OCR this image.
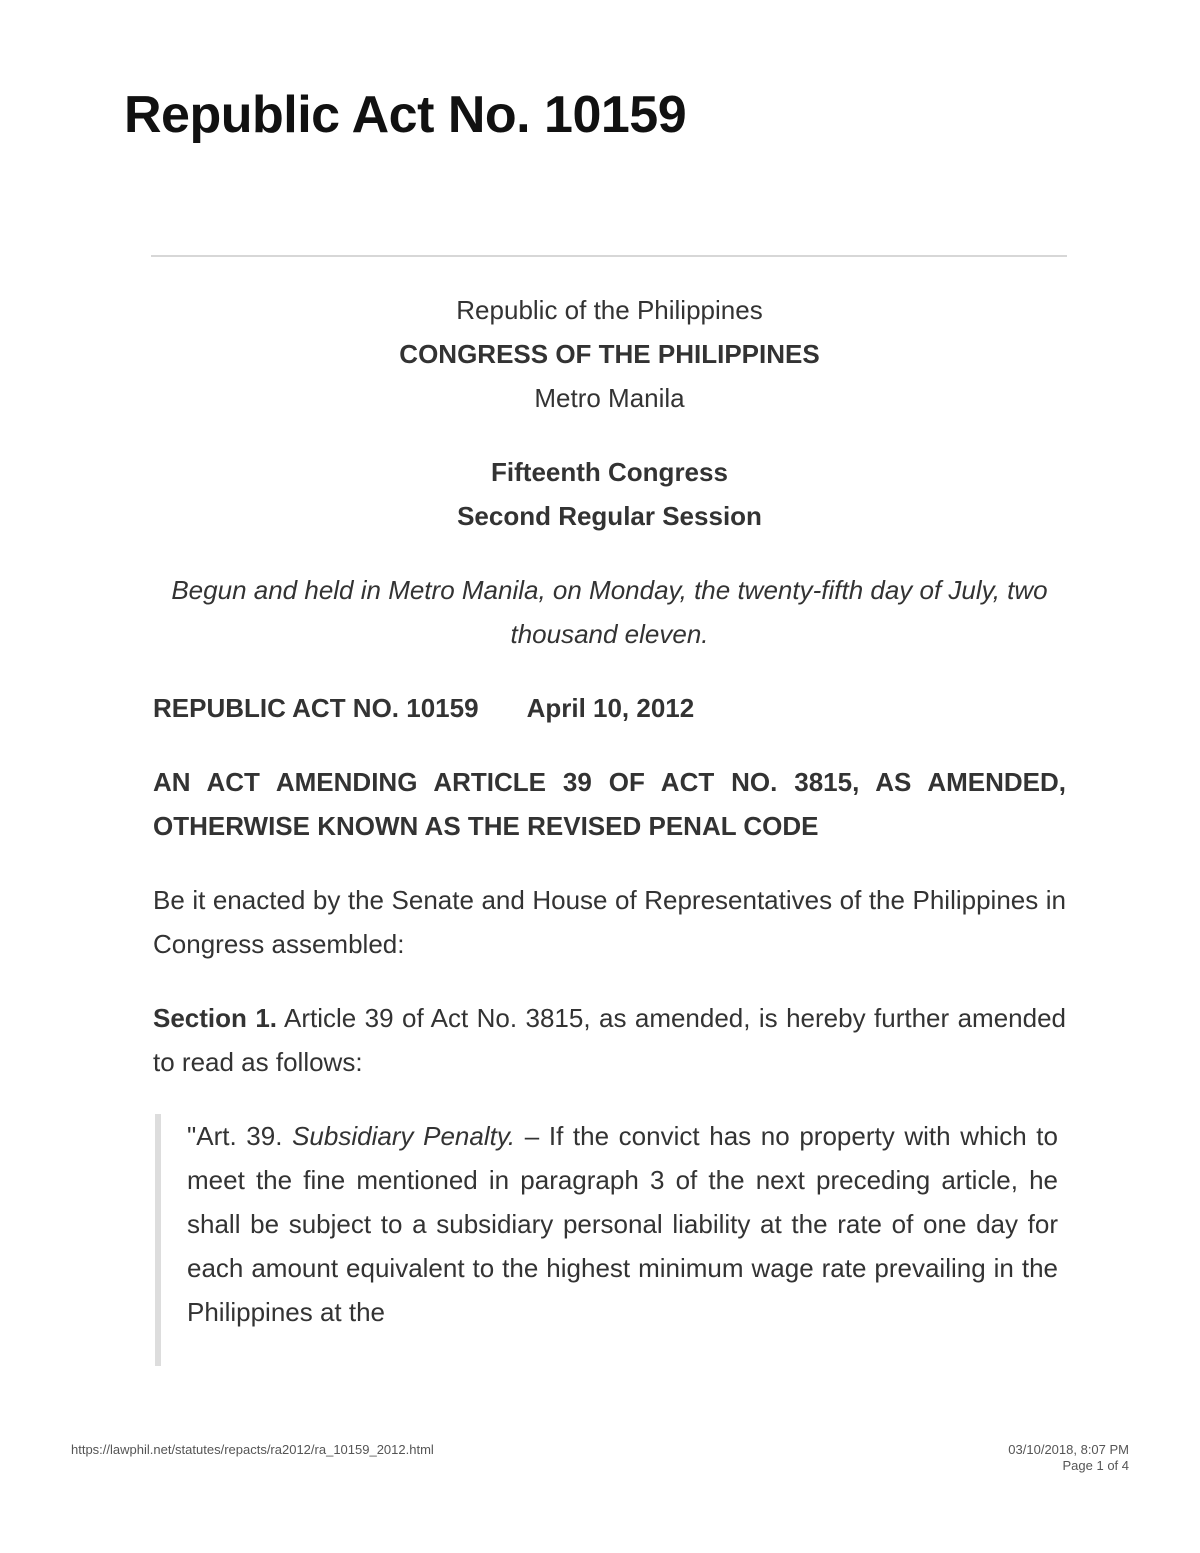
Republic Act No. 10159

Republic of the Philippines

CONGRESS OF THE PHILIPPINES

Metro Manila

Fifteenth Congress

Second Regular Session

Begun and held in Metro Manila, on Monday, the twenty-fifth day of July, two thousand eleven.

REPUBLIC ACT NO. 10159 April 10, 2012

AN ACT AMENDING ARTICLE 39 OF ACT NO. 3815, AS AMENDED, OTHERWISE KNOWN AS THE REVISED PENAL CODE

Be it enacted by the Senate and House of Representatives of the Philippines in Congress assembled:

Section 1. Article 39 of Act No. 3815, as amended, is hereby further amended to read as follows:

"Art. 39. Subsidiary Penalty. – If the convict has no property with which to meet the fine mentioned in paragraph 3 of the next preceding article, he shall be subject to a subsidiary personal liability at the rate of one day for each amount equivalent to the highest minimum wage rate prevailing in the Philippines at the
https://lawphil.net/statutes/repacts/ra2012/ra_10159_2012.html	03/10/2018, 8:07 PM
Page 1 of 4
